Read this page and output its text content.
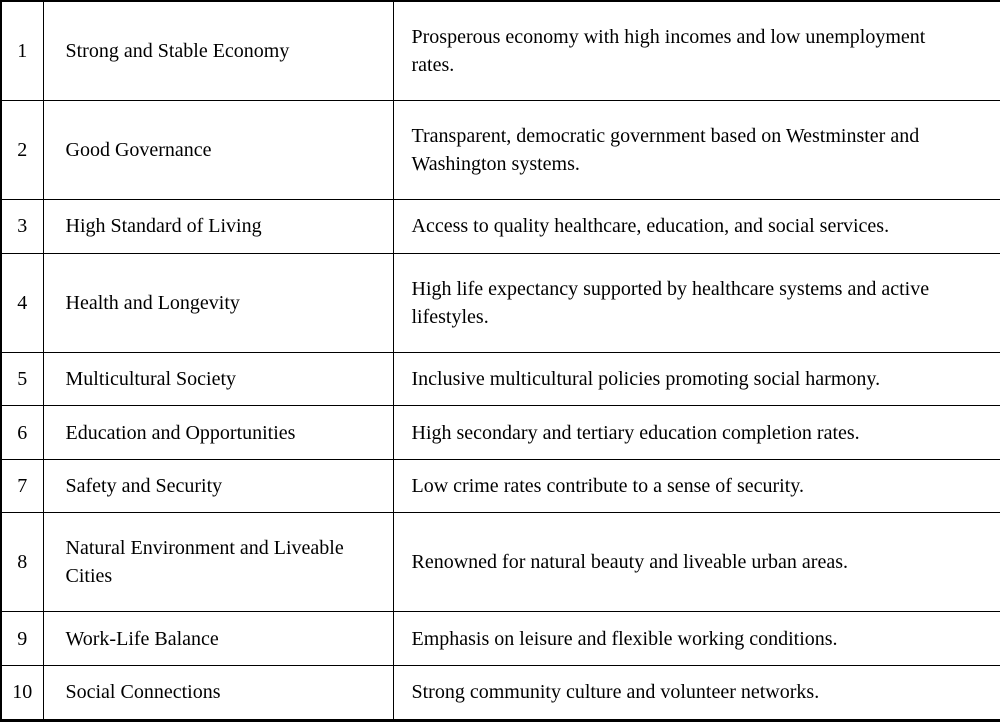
1	Strong and Stable Economy	Prosperous economy with high incomes and low unemployment rates.
2	Good Governance	Transparent, democratic government based on Westminster and Washington systems.
3	High Standard of Living	Access to quality healthcare, education, and social services.
4	Health and Longevity	High life expectancy supported by healthcare systems and active lifestyles.
5	Multicultural Society	Inclusive multicultural policies promoting social harmony.
6	Education and Opportunities	High secondary and tertiary education completion rates.
7	Safety and Security	Low crime rates contribute to a sense of security.
8	Natural Environment and Liveable Cities	Renowned for natural beauty and liveable urban areas.
9	Work-Life Balance	Emphasis on leisure and flexible working conditions.
10	Social Connections	Strong community culture and volunteer networks.
